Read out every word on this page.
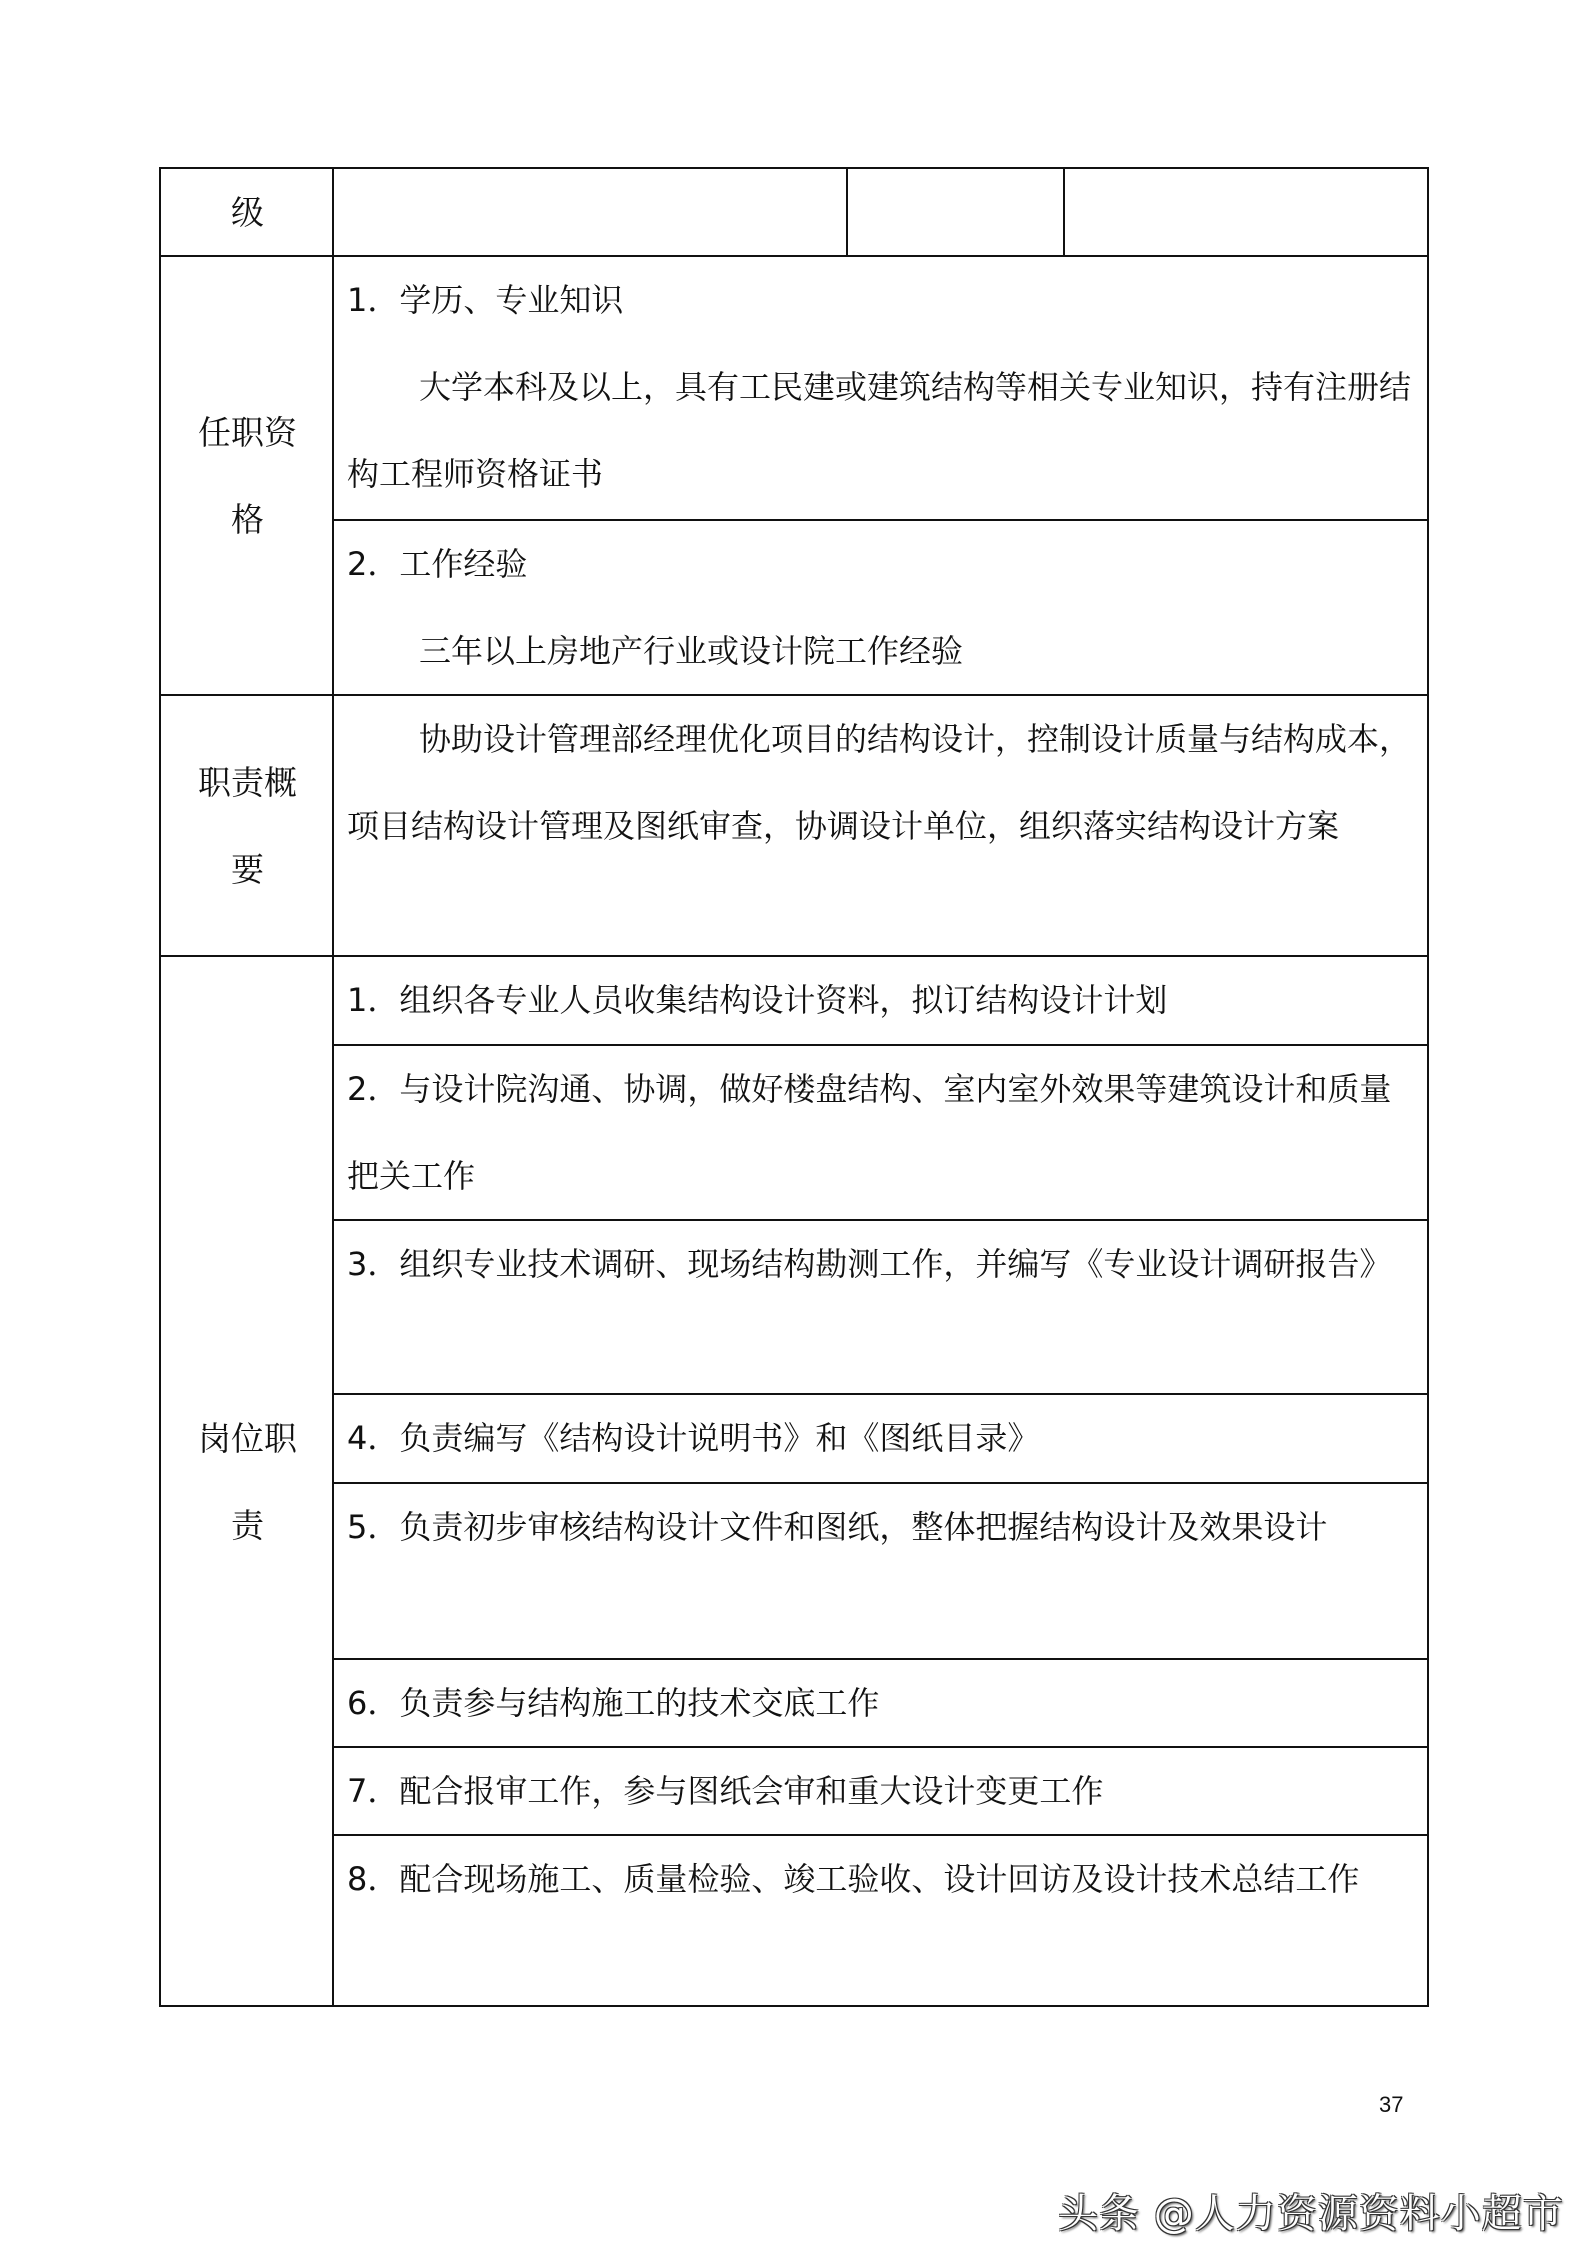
级
任职资
格

1．学历、专业知识

大学本科及以上，具有工民建或建筑结构等相关专业知识，持有注册结构工程师资格证书

2．工作经验

三年以上房地产行业或设计院工作经验

职责概
要

协助设计管理部经理优化项目的结构设计，控制设计质量与结构成本，项目结构设计管理及图纸审查，协调设计单位，组织落实结构设计方案

岗位职
责

1．组织各专业人员收集结构设计资料，拟订结构设计计划

2．与设计院沟通、协调，做好楼盘结构、室内室外效果等建筑设计和质量把关工作

3．组织专业技术调研、现场结构勘测工作，并编写《专业设计调研报告》

4．负责编写《结构设计说明书》和《图纸目录》

5．负责初步审核结构设计文件和图纸，整体把握结构设计及效果设计

6．负责参与结构施工的技术交底工作

7．配合报审工作，参与图纸会审和重大设计变更工作

8．配合现场施工、质量检验、竣工验收、设计回访及设计技术总结工作

37
头条 @人力资源资料小超市
